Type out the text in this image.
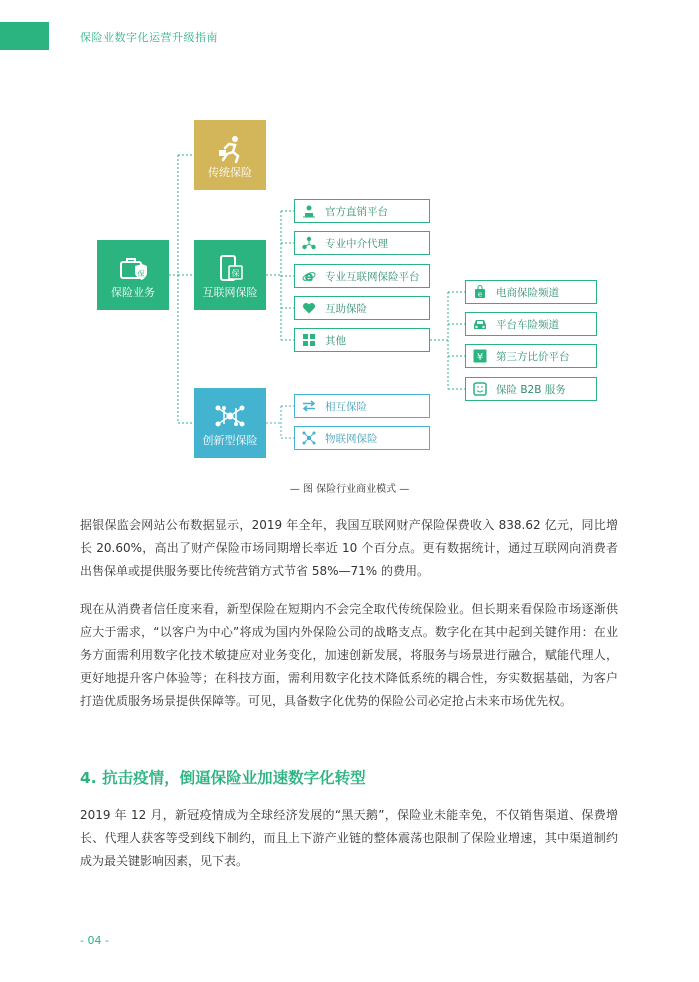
保险业数字化运营升级指南
传统保险
保
保险业务
保
互联网保险
创新型保险
官方直销平台
专业中介代理
e 专业互联网保险平台
互助保险
其他
e 电商保险频道
平台车险频道
¥ 第三方比价平台
保险 B2B 服务
相互保险
物联网保险
— 图 保险行业商业模式 —

据银保监会网站公布数据显示，2019 年全年，我国互联网财产保险保费收入 838.62 亿元，同比增长 20.60%，高出了财产保险市场同期增长率近 10 个百分点。更有数据统计，通过互联网向消费者出售保单或提供服务要比传统营销方式节省 58%—71% 的费用。

现在从消费者信任度来看，新型保险在短期内不会完全取代传统保险业。但长期来看保险市场逐渐供应大于需求，“以客户为中心”将成为国内外保险公司的战略支点。数字化在其中起到关键作用：在业务方面需利用数字化技术敏捷应对业务变化，加速创新发展，将服务与场景进行融合，赋能代理人，更好地提升客户体验等；在科技方面，需利用数字化技术降低系统的耦合性，夯实数据基础，为客户打造优质服务场景提供保障等。可见，具备数字化优势的保险公司必定抢占未来市场优先权。

4. 抗击疫情，倒逼保险业加速数字化转型

2019 年 12 月，新冠疫情成为全球经济发展的“黑天鹅”，保险业未能幸免，不仅销售渠道、保费增长、代理人获客等受到线下制约，而且上下游产业链的整体震荡也限制了保险业增速，其中渠道制约成为最关键影响因素，见下表。

- 04 -
